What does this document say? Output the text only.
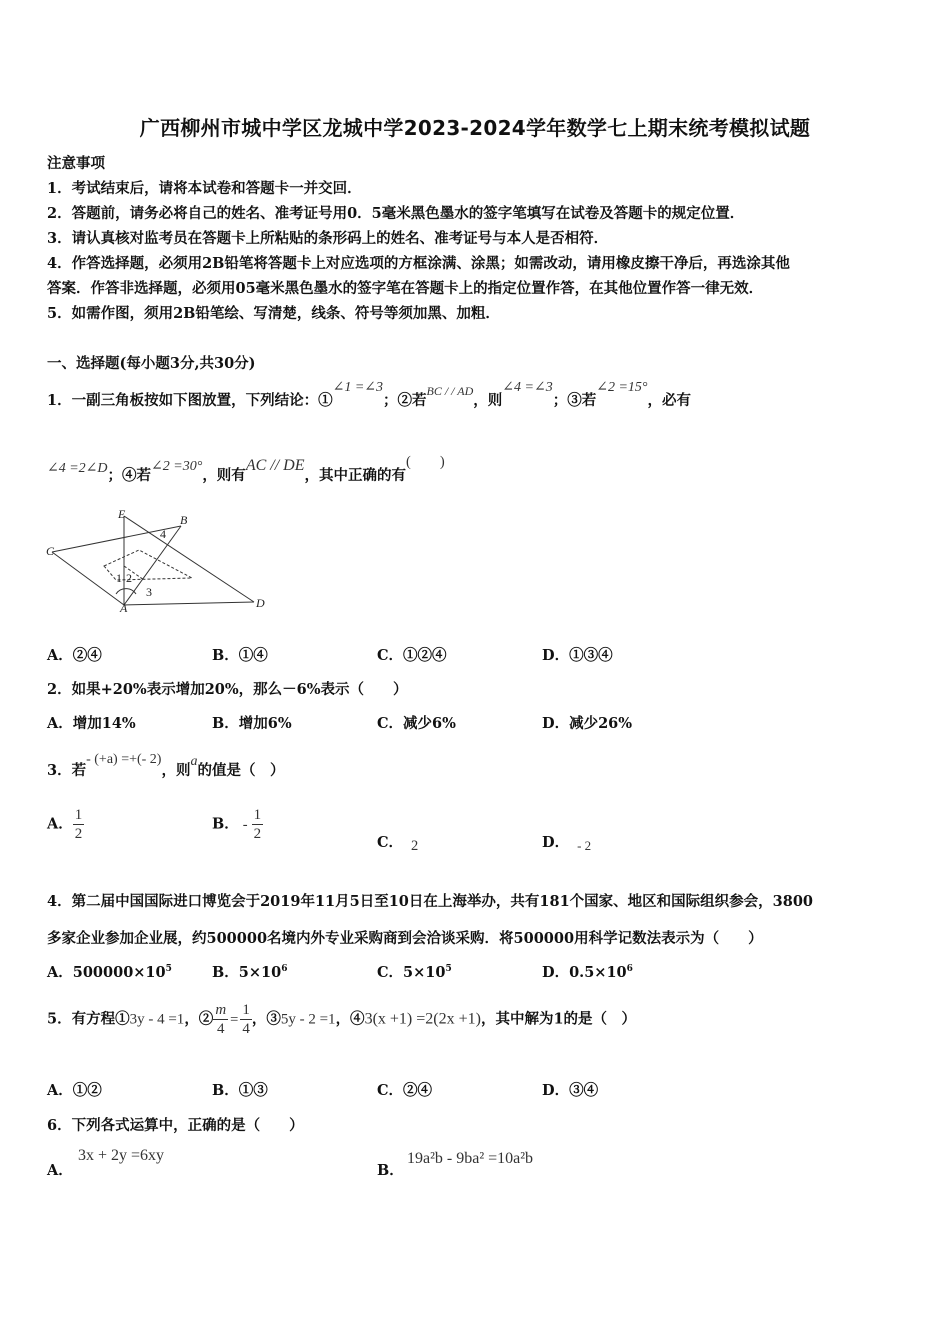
广西柳州市城中学区龙城中学2023-2024学年数学七上期末统考模拟试题
注意事项
1．考试结束后，请将本试卷和答题卡一并交回．
2．答题前，请务必将自己的姓名、准考证号用0．5毫米黑色墨水的签字笔填写在试卷及答题卡的规定位置．
3．请认真核对监考员在答题卡上所粘贴的条形码上的姓名、准考证号与本人是否相符．
4．作答选择题，必须用2B铅笔将答题卡上对应选项的方框涂满、涂黑；如需改动，请用橡皮擦干净后，再选涂其他
答案．作答非选择题，必须用05毫米黑色墨水的签字笔在答题卡上的指定位置作答，在其他位置作答一律无效．
5．如需作图，须用2B铅笔绘、写清楚，线条、符号等须加黑、加粗．
一、选择题(每小题3分,共30分)
1．一副三角板按如下图放置，下列结论：①∠1 =∠3；②若$^{BC / / AD}$，则∠4 =∠3；③若∠2 =15°，必有
∠4 =2∠D；④若∠2 =30°，则有AC // DE，其中正确的有(　　)
E	B
C
4
1 2
3
A	D
A．②④	B．①④	C．①②④	D．①③④
2．如果+20%表示增加20%，那么－6%表示（　　）
A．增加14%	B．增加6%	C．减少6%	D．减少26%
3．若- (+a) =+(- 2)，则a的值是（　）
A． $\frac{1}{2}$	B． - $\frac{1}{2}$	C． 2	D． - 2
4．第二届中国国际进口博览会于2019年11月5日至10日在上海举办，共有181个国家、地区和国际组织参会，3800
多家企业参加企业展，约500000名境内外专业采购商到会洽谈采购．将500000用科学记数法表示为（　　）
A．$500000\times 10^5$	B．$5\times 10^6$	C．$5\times 10^5$	D．$0.5\times 10^6$
5．有方程①3y - 4 =1，② $\frac{m}{4} = \frac{1}{4}$ ，③5y - 2 =1，④3(x +1) =2(2x +1)，其中解为1的是（　）
A．①②	B．①③	C．②④	D．③④
6．下列各式运算中，正确的是（　　）
A．
3x + 2y =6xy
B．
19a²b - 9ba² =10a²b
